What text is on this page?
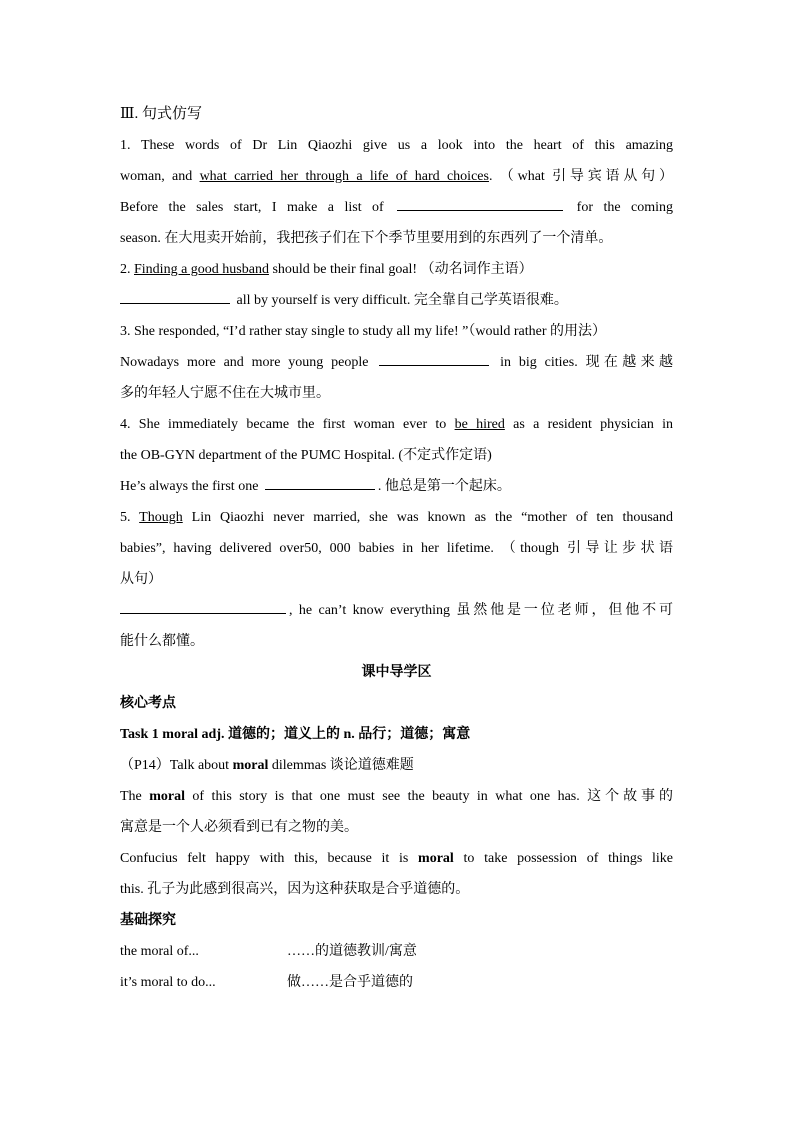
Ⅲ. 句式仿写
1. These words of Dr Lin Qiaozhi give us a look into the heart of this amazing
woman, and what carried her through a life of hard choices. （what 引导宾语从句）
Before the sales start, I make a list of	for the coming
season. 在大甩卖开始前，我把孩子们在下个季节里要用到的东西列了一个清单。
2. Finding a good husband should be their final goal! （动名词作主语）
all by yourself is very difficult. 完全靠自己学英语很难。
3. She responded, “I’d rather stay single to study all my life! ”（would rather 的用法）
Nowadays more and more young people	in big cities. 现在越来越
多的年轻人宁愿不住在大城市里。
4. She immediately became the first woman ever to be hired as a resident physician in
the OB-GYN department of the PUMC Hospital. (不定式作定语)
He’s always the first one	. 他总是第一个起床。
5. Though Lin Qiaozhi never married, she was known as the “mother of ten thousand
babies”, having delivered over50, 000 babies in her lifetime. （though 引导让步状语
从句）
, he can’t know everything 虽然他是一位老师，但他不可
能什么都懂。
课中导学区
核心考点
Task 1 moral adj. 道德的；道义上的 n. 品行；道德；寓意
（P14）Talk about moral dilemmas 谈论道德难题
The moral of this story is that one must see the beauty in what one has. 这个故事的
寓意是一个人必须看到已有之物的美。
Confucius felt happy with this, because it is moral to take possession of things like
this. 孔子为此感到很高兴，因为这种获取是合乎道德的。
基础探究
the moral of...	……的道德教训/寓意
it’s moral to do...	做……是合乎道德的
